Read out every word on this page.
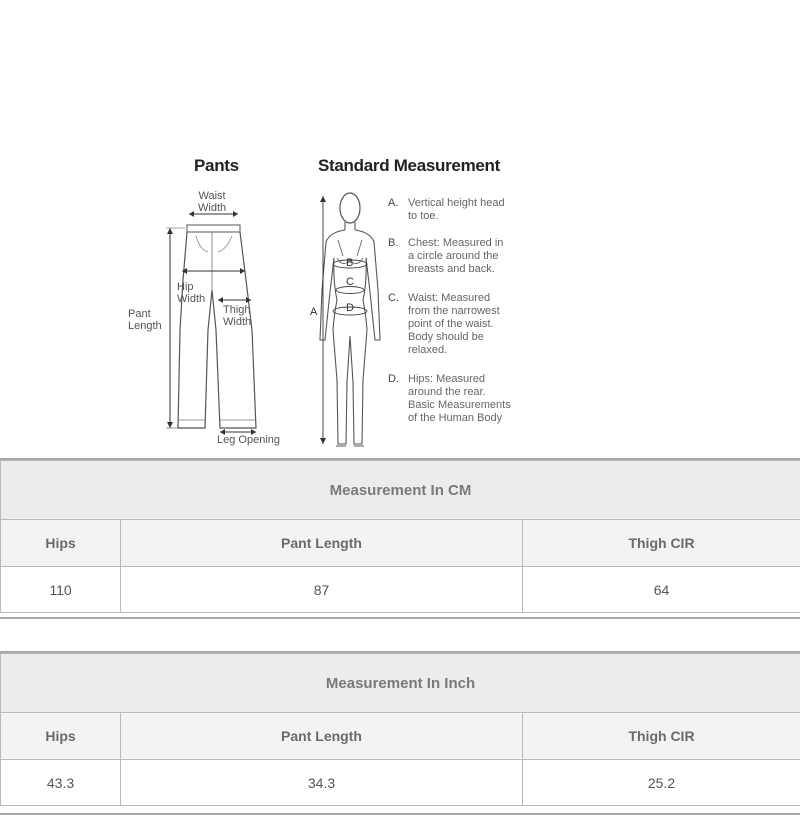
Pants	Standard Measurement
Waist
Width
Hip
Width
Thigh
Width
Pant
Length
Leg Opening
A
B
C
D
A. Vertical height head
to toe.
B. Chest: Measured in
a circle around the
breasts and back.
C. Waist: Measured
from the narrowest
point of the waist.
Body should be
relaxed.
D. Hips: Measured
around the rear.
Basic Measurements
of the Human Body
Measurement In CM		
Hips	Pant Length	Thigh CIR
110	87	64
Measurement In Inch		
Hips	Pant Length	Thigh CIR
43.3	34.3	25.2
